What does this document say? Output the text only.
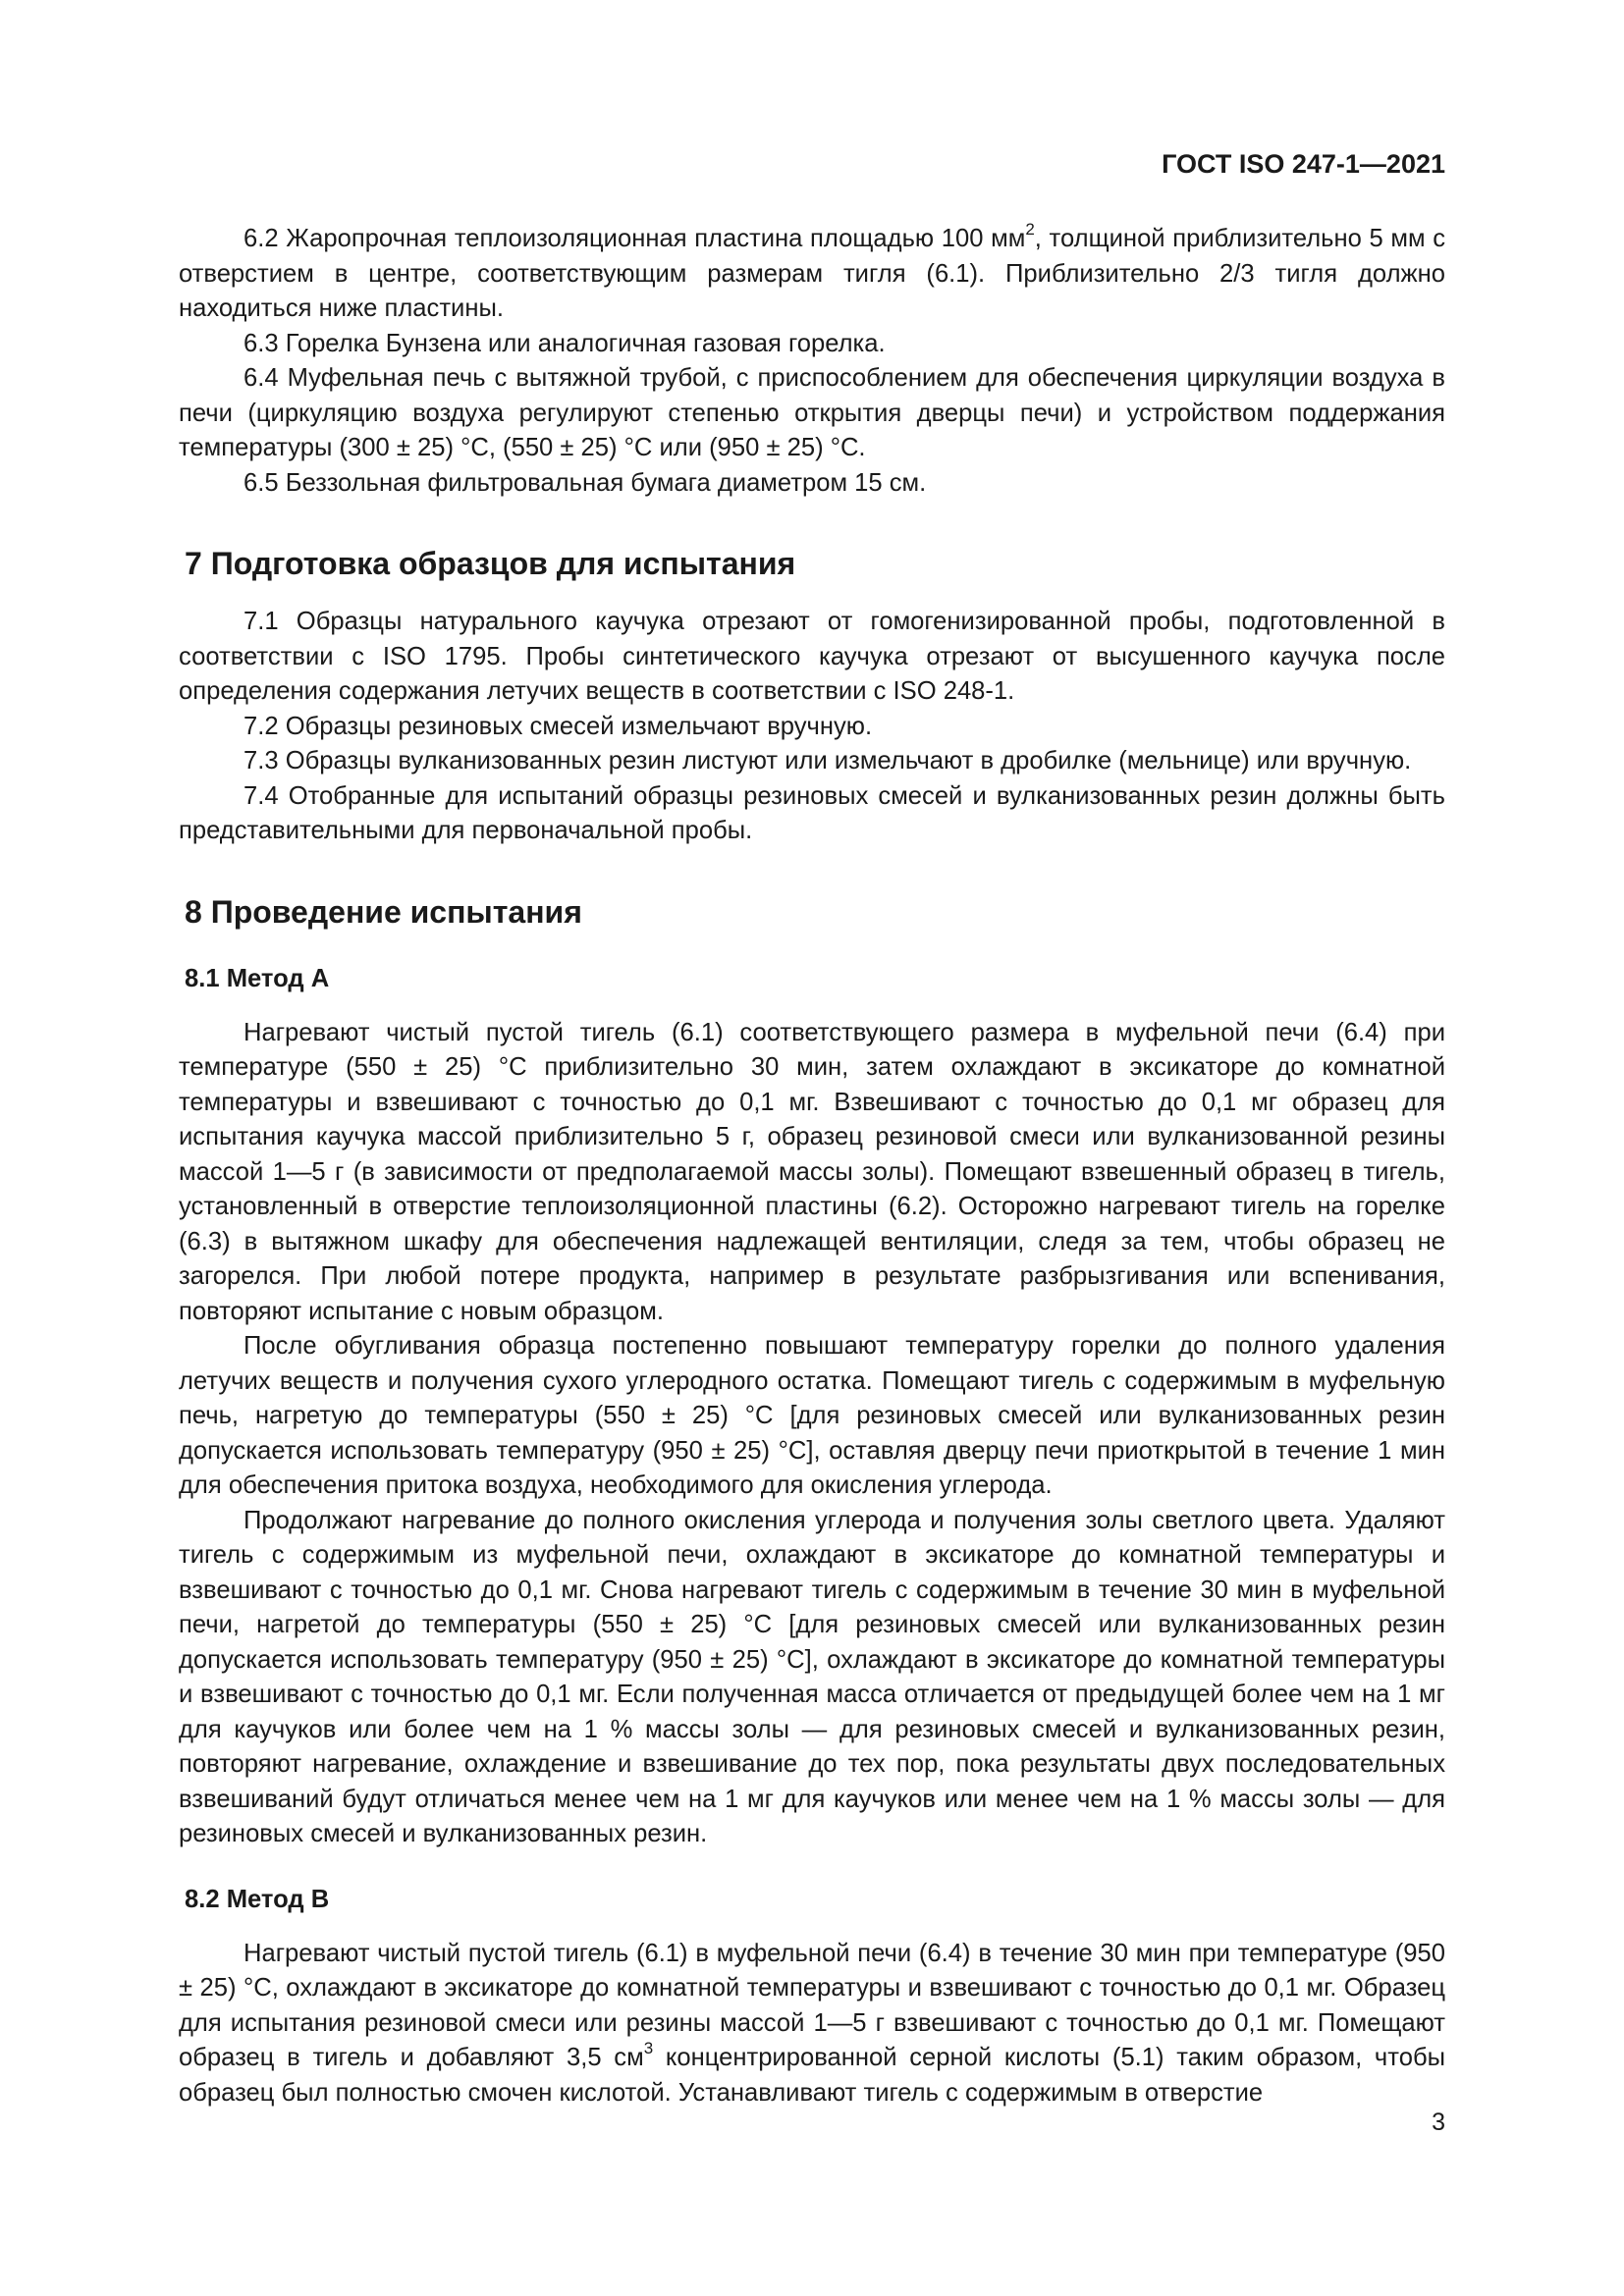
ГОСТ ISO 247-1—2021

6.2 Жаропрочная теплоизоляционная пластина площадью 100 $мм^2$, толщиной приблизительно 5 мм с отверстием в центре, соответствующим размерам тигля (6.1). Приблизительно 2/3 тигля должно находиться ниже пластины.

6.3 Горелка Бунзена или аналогичная газовая горелка.

6.4 Муфельная печь с вытяжной трубой, с приспособлением для обеспечения циркуляции воздуха в печи (циркуляцию воздуха регулируют степенью открытия дверцы печи) и устройством поддержания температуры (300 ± 25) °С, (550 ± 25) °С или (950 ± 25) °С.

6.5 Беззольная фильтровальная бумага диаметром 15 см.

7 Подготовка образцов для испытания

7.1 Образцы натурального каучука отрезают от гомогенизированной пробы, подготовленной в соответствии с ISO 1795. Пробы синтетического каучука отрезают от высушенного каучука после определения содержания летучих веществ в соответствии с ISO 248-1.

7.2 Образцы резиновых смесей измельчают вручную.

7.3 Образцы вулканизованных резин листуют или измельчают в дробилке (мельнице) или вручную.

7.4 Отобранные для испытаний образцы резиновых смесей и вулканизованных резин должны быть представительными для первоначальной пробы.

8 Проведение испытания
8.1 Метод А

Нагревают чистый пустой тигель (6.1) соответствующего размера в муфельной печи (6.4) при температуре (550 ± 25) °С приблизительно 30 мин, затем охлаждают в эксикаторе до комнатной температуры и взвешивают с точностью до 0,1 мг. Взвешивают с точностью до 0,1 мг образец для испытания каучука массой приблизительно 5 г, образец резиновой смеси или вулканизованной резины массой 1—5 г (в зависимости от предполагаемой массы золы). Помещают взвешенный образец в тигель, установленный в отверстие теплоизоляционной пластины (6.2). Осторожно нагревают тигель на горелке (6.3) в вытяжном шкафу для обеспечения надлежащей вентиляции, следя за тем, чтобы образец не загорелся. При любой потере продукта, например в результате разбрызгивания или вспенивания, повторяют испытание с новым образцом.

После обугливания образца постепенно повышают температуру горелки до полного удаления летучих веществ и получения сухого углеродного остатка. Помещают тигель с содержимым в муфельную печь, нагретую до температуры (550 ± 25) °С [для резиновых смесей или вулканизованных резин допускается использовать температуру (950 ± 25) °С], оставляя дверцу печи приоткрытой в течение 1 мин для обеспечения притока воздуха, необходимого для окисления углерода.

Продолжают нагревание до полного окисления углерода и получения золы светлого цвета. Удаляют тигель с содержимым из муфельной печи, охлаждают в эксикаторе до комнатной температуры и взвешивают с точностью до 0,1 мг. Снова нагревают тигель с содержимым в течение 30 мин в муфельной печи, нагретой до температуры (550 ± 25) °С [для резиновых смесей или вулканизованных резин допускается использовать температуру (950 ± 25) °С], охлаждают в эксикаторе до комнатной температуры и взвешивают с точностью до 0,1 мг. Если полученная масса отличается от предыдущей более чем на 1 мг для каучуков или более чем на 1 % массы золы — для резиновых смесей и вулканизованных резин, повторяют нагревание, охлаждение и взвешивание до тех пор, пока результаты двух последовательных взвешиваний будут отличаться менее чем на 1 мг для каучуков или менее чем на 1 % массы золы — для резиновых смесей и вулканизованных резин.

8.2 Метод В

Нагревают чистый пустой тигель (6.1) в муфельной печи (6.4) в течение 30 мин при температуре (950 ± 25) °С, охлаждают в эксикаторе до комнатной температуры и взвешивают с точностью до 0,1 мг. Образец для испытания резиновой смеси или резины массой 1—5 г взвешивают с точностью до 0,1 мг. Помещают образец в тигель и добавляют 3,5 $см^3$ концентрированной серной кислоты (5.1) таким образом, чтобы образец был полностью смочен кислотой. Устанавливают тигель с содержимым в отверстие

3
